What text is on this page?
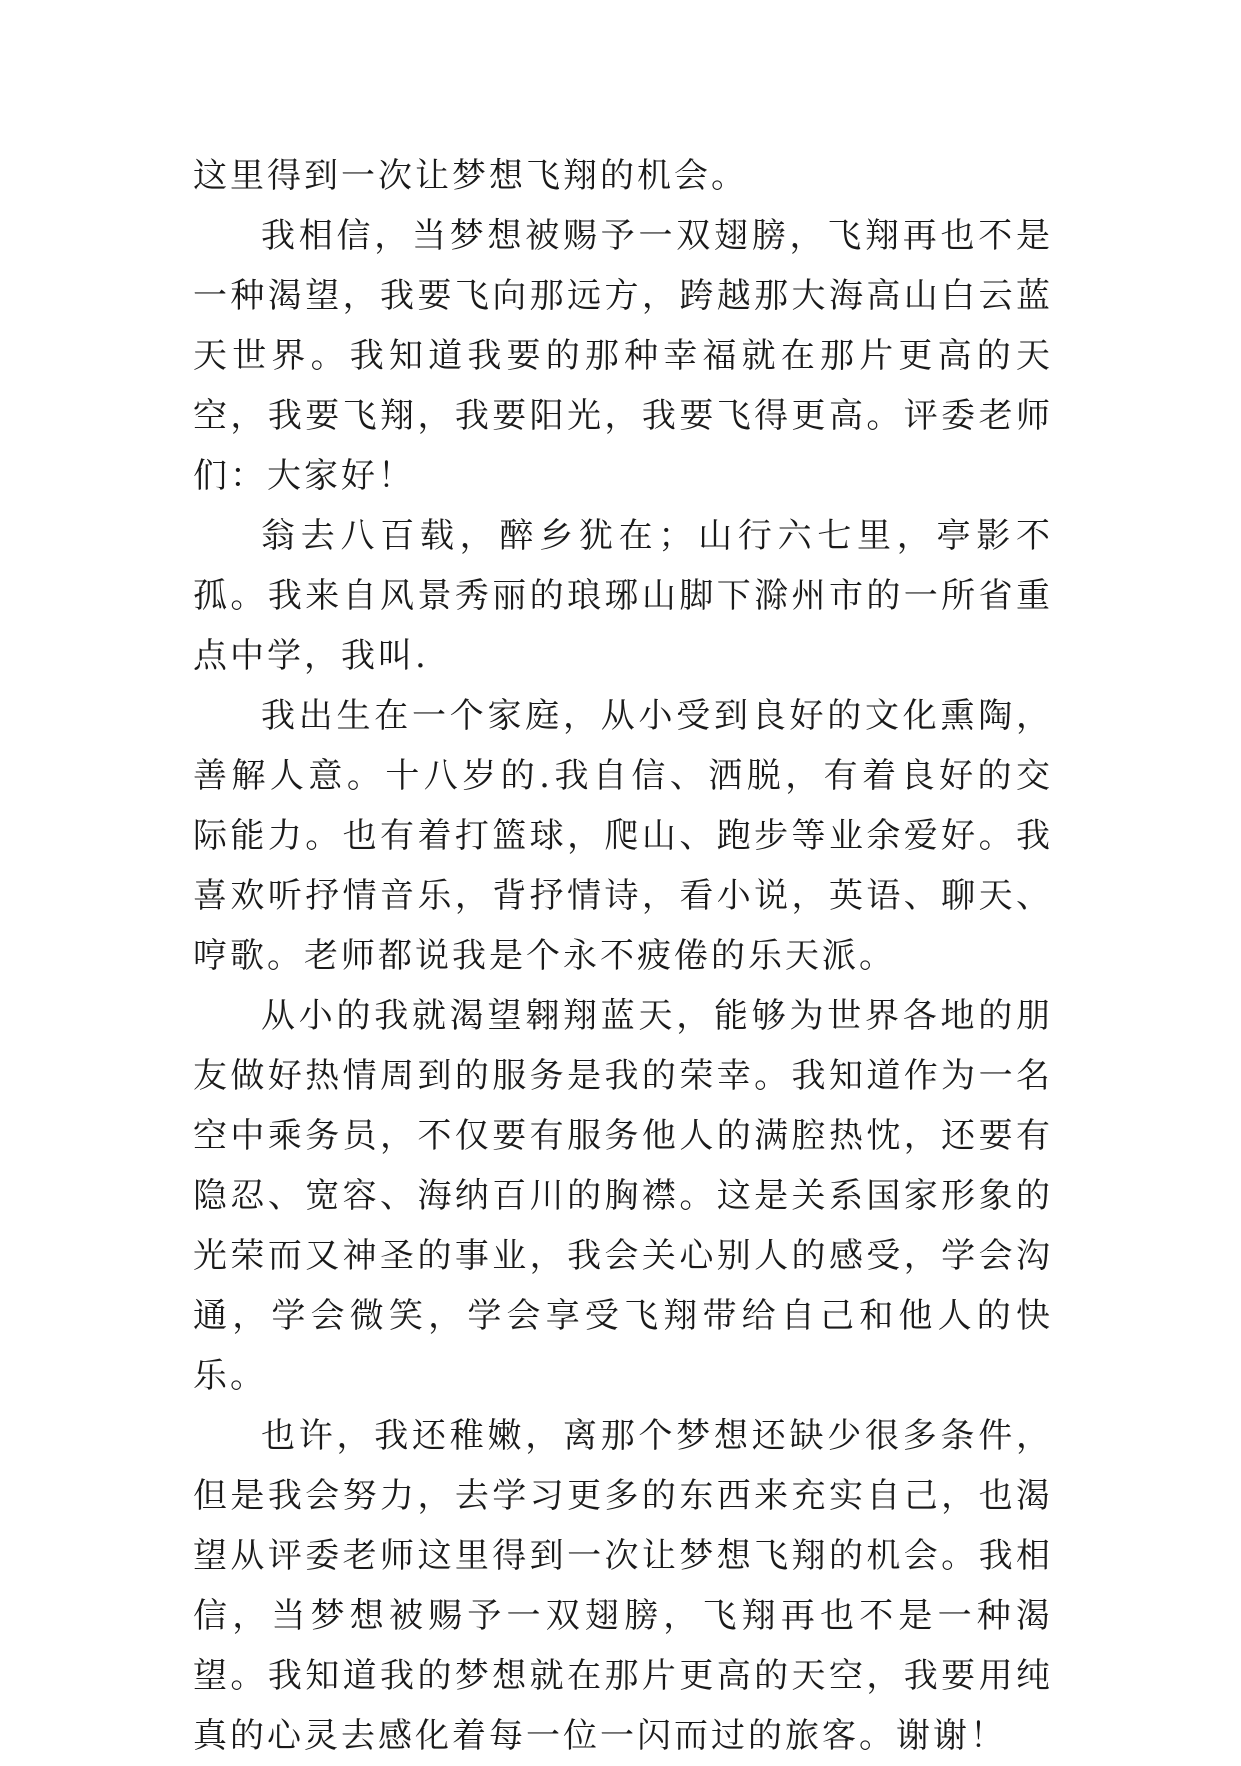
这里得到一次让梦想飞翔的机会。

我相信，当梦想被赐予一双翅膀，飞翔再也不是一种渴望，我要飞向那远方，跨越那大海高山白云蓝天世界。我知道我要的那种幸福就在那片更高的天空，我要飞翔，我要阳光，我要飞得更高。评委老师们：大家好！

翁去八百载，醉乡犹在；山行六七里，亭影不孤。我来自风景秀丽的琅琊山脚下滁州市的一所省重点中学，我叫.

我出生在一个家庭，从小受到良好的文化熏陶，善解人意。十八岁的.我自信、洒脱，有着良好的交际能力。也有着打篮球，爬山、跑步等业余爱好。我喜欢听抒情音乐，背抒情诗，看小说，英语、聊天、哼歌。老师都说我是个永不疲倦的乐天派。

从小的我就渴望翱翔蓝天，能够为世界各地的朋友做好热情周到的服务是我的荣幸。我知道作为一名空中乘务员，不仅要有服务他人的满腔热忱，还要有隐忍、宽容、海纳百川的胸襟。这是关系国家形象的光荣而又神圣的事业，我会关心别人的感受，学会沟通，学会微笑，学会享受飞翔带给自己和他人的快乐。

也许，我还稚嫩，离那个梦想还缺少很多条件，但是我会努力，去学习更多的东西来充实自己，也渴望从评委老师这里得到一次让梦想飞翔的机会。我相信，当梦想被赐予一双翅膀，飞翔再也不是一种渴望。我知道我的梦想就在那片更高的天空，我要用纯真的心灵去感化着每一位一闪而过的旅客。谢谢！
